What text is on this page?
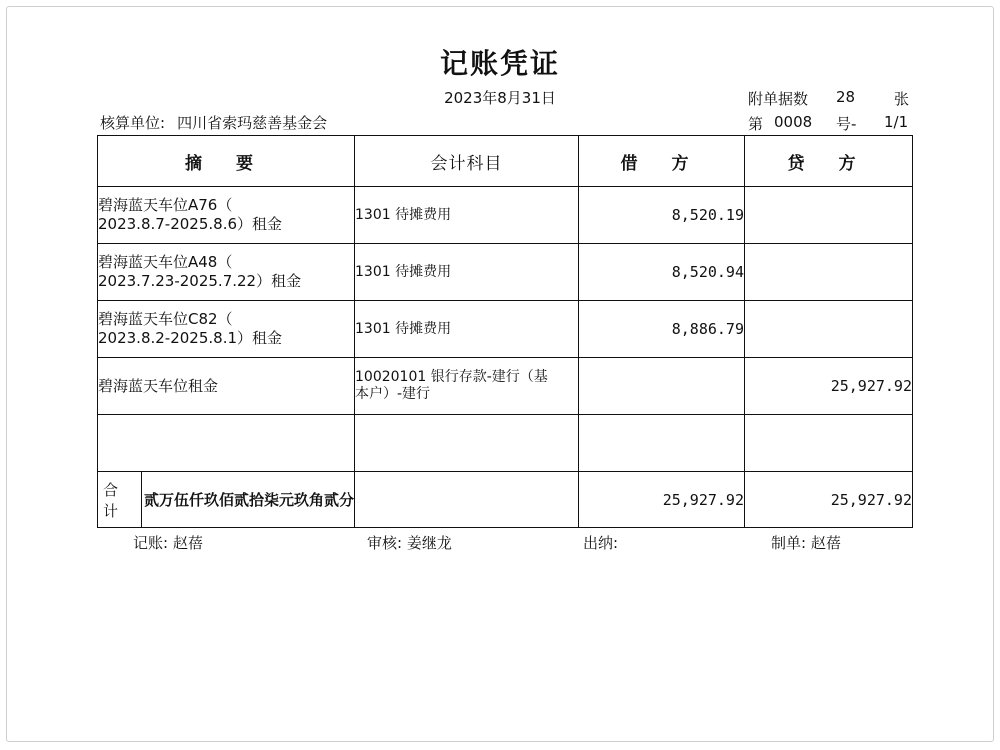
记账凭证
2023年8月31日	附单据数 28	张
第 0008 号- 1/1
核算单位: 四川省索玛慈善基金会
摘 要	会计科目	借 方	贷 方

碧海蓝天车位A76（
2023.8.7-2025.8.6）租金	1301 待摊费用	8,520.19	

碧海蓝天车位A48（
2023.7.23-2025.7.22）租金	1301 待摊费用	8,520.94	

碧海蓝天车位C82（
2023.8.2-2025.8.1）租金	1301 待摊费用	8,886.79	

碧海蓝天车位租金	10020101 银行存款-建行（基
本户）-建行		25,927.92

合 计
贰万伍仟玖佰贰拾柒元玖角贰分		25,927.92	25,927.92
记账: 赵蓓	审核: 姜继龙	出纳:	制单: 赵蓓
